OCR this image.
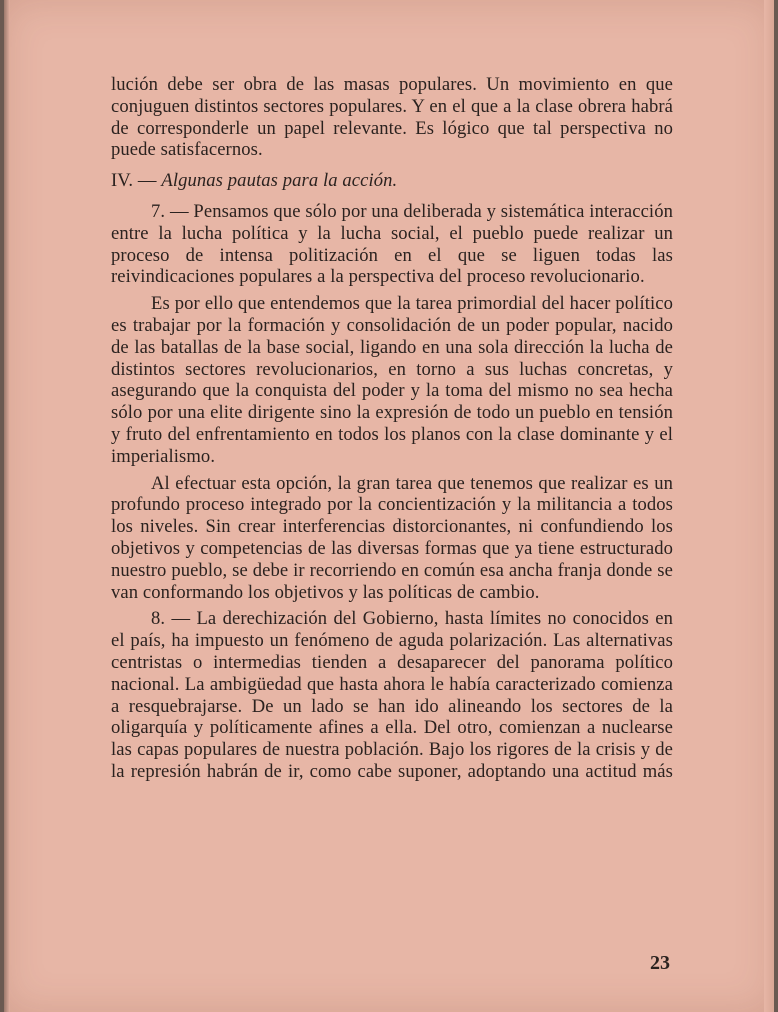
lución debe ser obra de las masas populares. Un movimiento en que conjuguen distintos sectores populares. Y en el que a la clase obrera habrá de corresponderle un papel relevante. Es lógico que tal perspectiva no puede satisfacernos.

IV. — Algunas pautas para la acción.

7. — Pensamos que sólo por una deliberada y sistemática interacción entre la lucha política y la lucha social, el pueblo puede realizar un proceso de intensa politización en el que se liguen todas las reivindicaciones populares a la perspectiva del proceso revolucionario.

Es por ello que entendemos que la tarea primordial del hacer político es trabajar por la formación y consolidación de un poder popular, nacido de las batallas de la base social, ligando en una sola dirección la lucha de distintos sectores revolucionarios, en torno a sus luchas concretas, y asegurando que la conquista del poder y la toma del mismo no sea hecha sólo por una elite dirigente sino la expresión de todo un pueblo en tensión y fruto del enfrentamiento en todos los planos con la clase dominante y el imperialismo.

Al efectuar esta opción, la gran tarea que tenemos que realizar es un profundo proceso integrado por la concientización y la militancia a todos los niveles. Sin crear interferencias distorcionantes, ni confundiendo los objetivos y competencias de las diversas formas que ya tiene estructurado nuestro pueblo, se debe ir recorriendo en común esa ancha franja donde se van conformando los objetivos y las políticas de cambio.

8. — La derechización del Gobierno, hasta límites no conocidos en el país, ha impuesto un fenómeno de aguda polarización. Las alternativas centristas o intermedias tienden a desaparecer del panorama político nacional. La ambigüedad que hasta ahora le había caracterizado comienza a resquebrajarse. De un lado se han ido alineando los sectores de la oligarquía y políticamente afines a ella. Del otro, comienzan a nuclearse las capas populares de nuestra población. Bajo los rigores de la crisis y de la represión habrán de ir, como cabe suponer, adoptando una actitud más

23
